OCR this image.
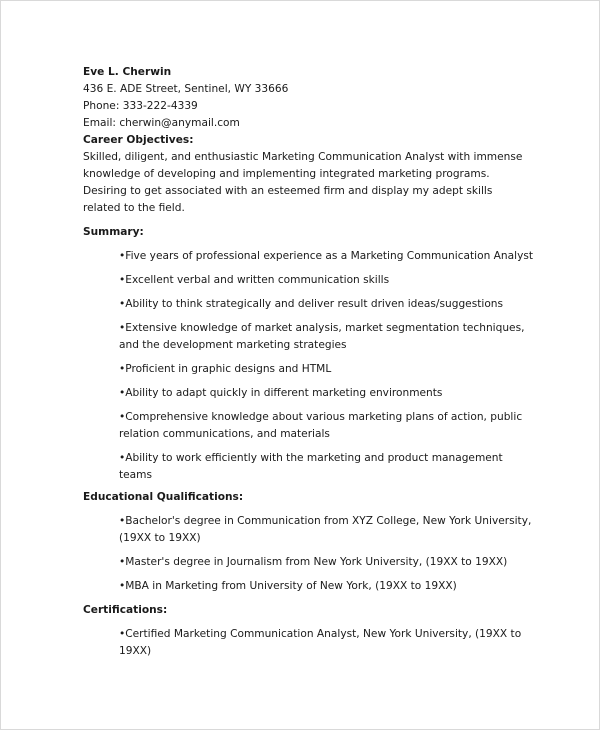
Eve L. Cherwin

436 E. ADE Street, Sentinel, WY 33666

Phone: 333-222-4339

Email: cherwin@anymail.com

Career Objectives:

Skilled, diligent, and enthusiastic Marketing Communication Analyst with immense knowledge of developing and implementing integrated marketing programs. Desiring to get associated with an esteemed firm and display my adept skills related to the field.

Summary:

•Five years of professional experience as a Marketing Communication Analyst
•Excellent verbal and written communication skills
•Ability to think strategically and deliver result driven ideas/suggestions
•Extensive knowledge of market analysis, market segmentation techniques, and the development marketing strategies
•Proficient in graphic designs and HTML
•Ability to adapt quickly in different marketing environments
•Comprehensive knowledge about various marketing plans of action, public relation communications, and materials
•Ability to work efficiently with the marketing and product management teams

Educational Qualifications:

•Bachelor's degree in Communication from XYZ College, New York University, (19XX to 19XX)
•Master's degree in Journalism from New York University, (19XX to 19XX)
•MBA in Marketing from University of New York, (19XX to 19XX)

Certifications:

•Certified Marketing Communication Analyst, New York University, (19XX to 19XX)
